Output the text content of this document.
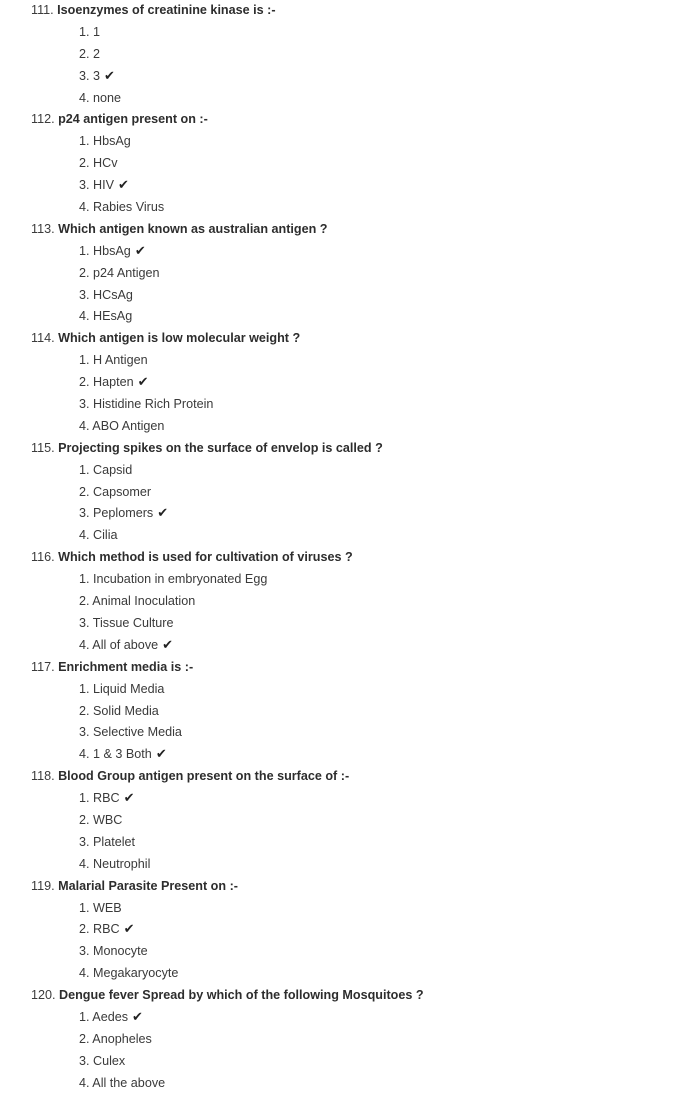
111. Isoenzymes of creatinine kinase is :-
1. 1
2. 2
3. 3 ✔
4. none
112. p24 antigen present on :-
1. HbsAg
2. HCv
3. HIV ✔
4. Rabies Virus
113. Which antigen known as australian antigen ?
1. HbsAg ✔
2. p24 Antigen
3. HCsAg
4. HEsAg
114. Which antigen is low molecular weight ?
1. H Antigen
2. Hapten ✔
3. Histidine Rich Protein
4. ABO Antigen
115. Projecting spikes on the surface of envelop is called ?
1. Capsid
2. Capsomer
3. Peplomers ✔
4. Cilia
116. Which method is used for cultivation of viruses ?
1. Incubation in embryonated Egg
2. Animal Inoculation
3. Tissue Culture
4. All of above ✔
117. Enrichment media is :-
1. Liquid Media
2. Solid Media
3. Selective Media
4. 1 & 3 Both ✔
118. Blood Group antigen present on the surface of :-
1. RBC ✔
2. WBC
3. Platelet
4. Neutrophil
119. Malarial Parasite Present on :-
1. WEB
2. RBC ✔
3. Monocyte
4. Megakaryocyte
120. Dengue fever Spread by which of the following Mosquitoes ?
1. Aedes ✔
2. Anopheles
3. Culex
4. All the above
